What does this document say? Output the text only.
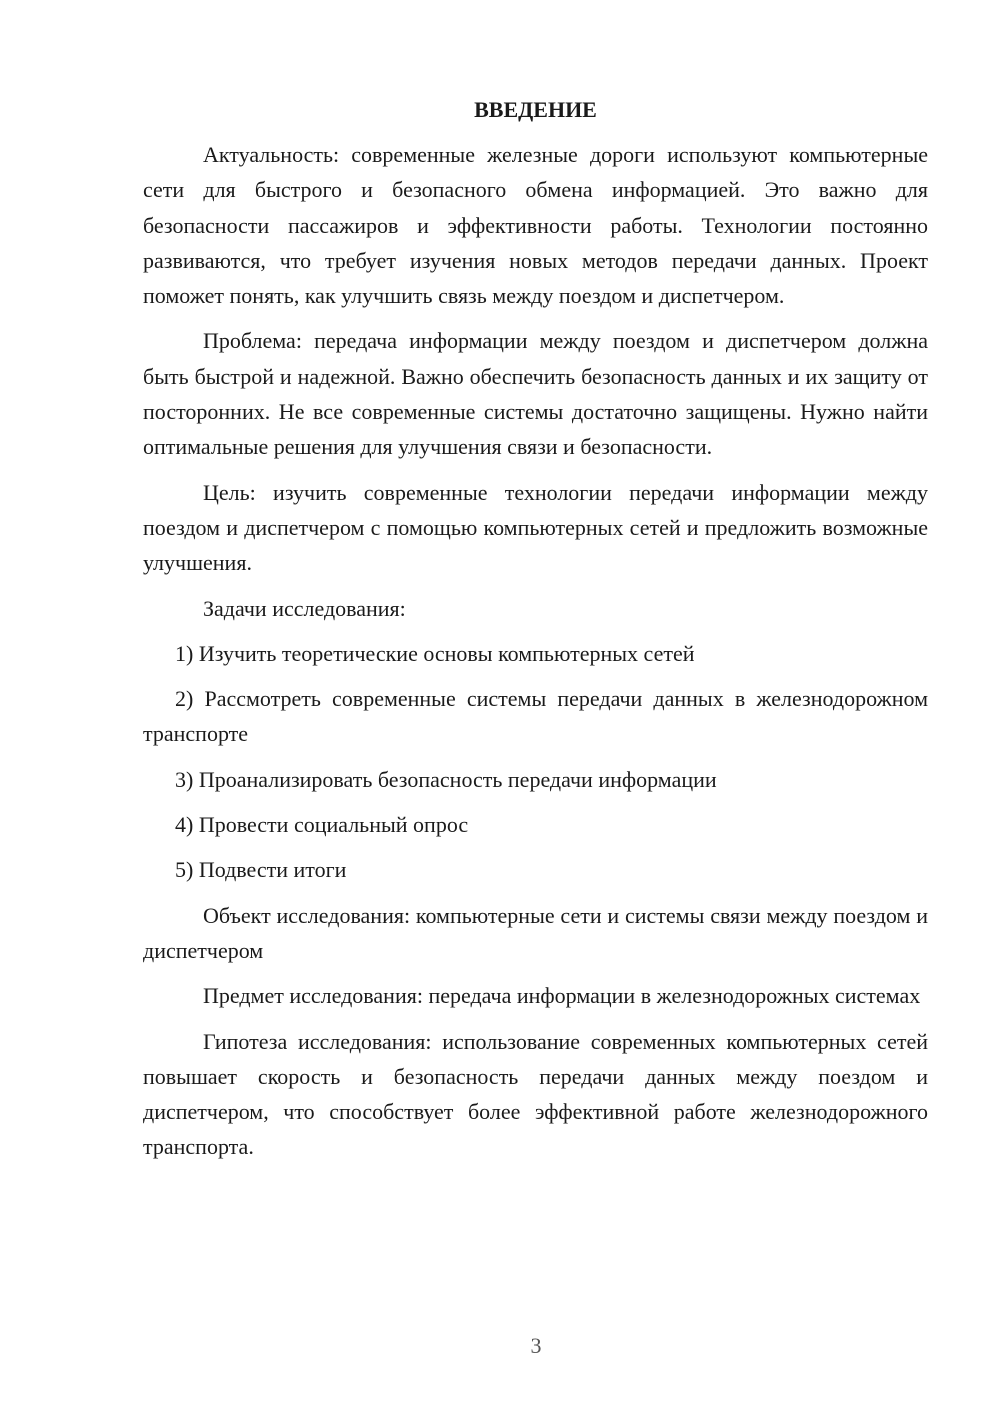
ВВЕДЕНИЕ

Актуальность: современные железные дороги используют компьютерные сети для быстрого и безопасного обмена информацией. Это важно для безопасности пассажиров и эффективности работы. Технологии постоянно развиваются, что требует изучения новых методов передачи данных. Проект поможет понять, как улучшить связь между поездом и диспетчером.

Проблема: передача информации между поездом и диспетчером должна быть быстрой и надежной. Важно обеспечить безопасность данных и их защиту от посторонних. Не все современные системы достаточно защищены. Нужно найти оптимальные решения для улучшения связи и безопасности.

Цель: изучить современные технологии передачи информации между поездом и диспетчером с помощью компьютерных сетей и предложить возможные улучшения.

Задачи исследования:

1) Изучить теоретические основы компьютерных сетей

2) Рассмотреть современные системы передачи данных в железнодорожном транспорте

3) Проанализировать безопасность передачи информации

4) Провести социальный опрос

5) Подвести итоги

Объект исследования: компьютерные сети и системы связи между поездом и диспетчером

Предмет исследования: передача информации в железнодорожных системах

Гипотеза исследования: использование современных компьютерных сетей повышает скорость и безопасность передачи данных между поездом и диспетчером, что способствует более эффективной работе железнодорожного транспорта.

3
